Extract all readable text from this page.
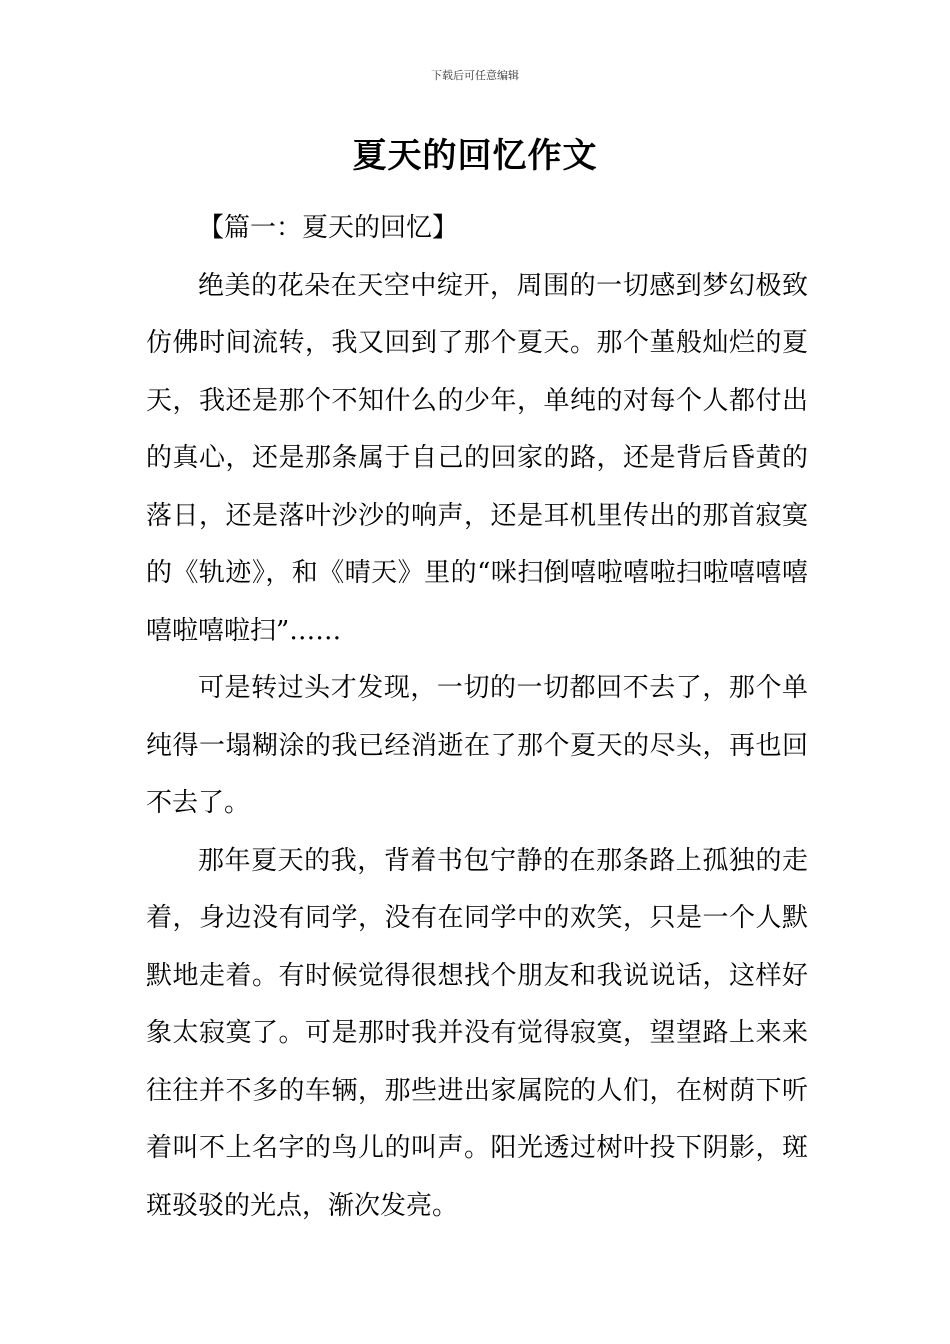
下载后可任意编辑
夏天的回忆作文

【篇一：夏天的回忆】

绝美的花朵在天空中绽开，周围的一切感到梦幻极致仿佛时间流转，我又回到了那个夏天。那个堇般灿烂的夏天，我还是那个不知什么的少年，单纯的对每个人都付出的真心，还是那条属于自己的回家的路，还是背后昏黄的落日，还是落叶沙沙的响声，还是耳机里传出的那首寂寞的《轨迹》，和《晴天》里的“咪扫倒嘻啦嘻啦扫啦嘻嘻嘻嘻啦嘻啦扫”……

可是转过头才发现，一切的一切都回不去了，那个单纯得一塌糊涂的我已经消逝在了那个夏天的尽头，再也回不去了。

那年夏天的我，背着书包宁静的在那条路上孤独的走着，身边没有同学，没有在同学中的欢笑，只是一个人默默地走着。有时候觉得很想找个朋友和我说说话，这样好象太寂寞了。可是那时我并没有觉得寂寞，望望路上来来往往并不多的车辆，那些进出家属院的人们，在树荫下听着叫不上名字的鸟儿的叫声。阳光透过树叶投下阴影，斑斑驳驳的光点，渐次发亮。
